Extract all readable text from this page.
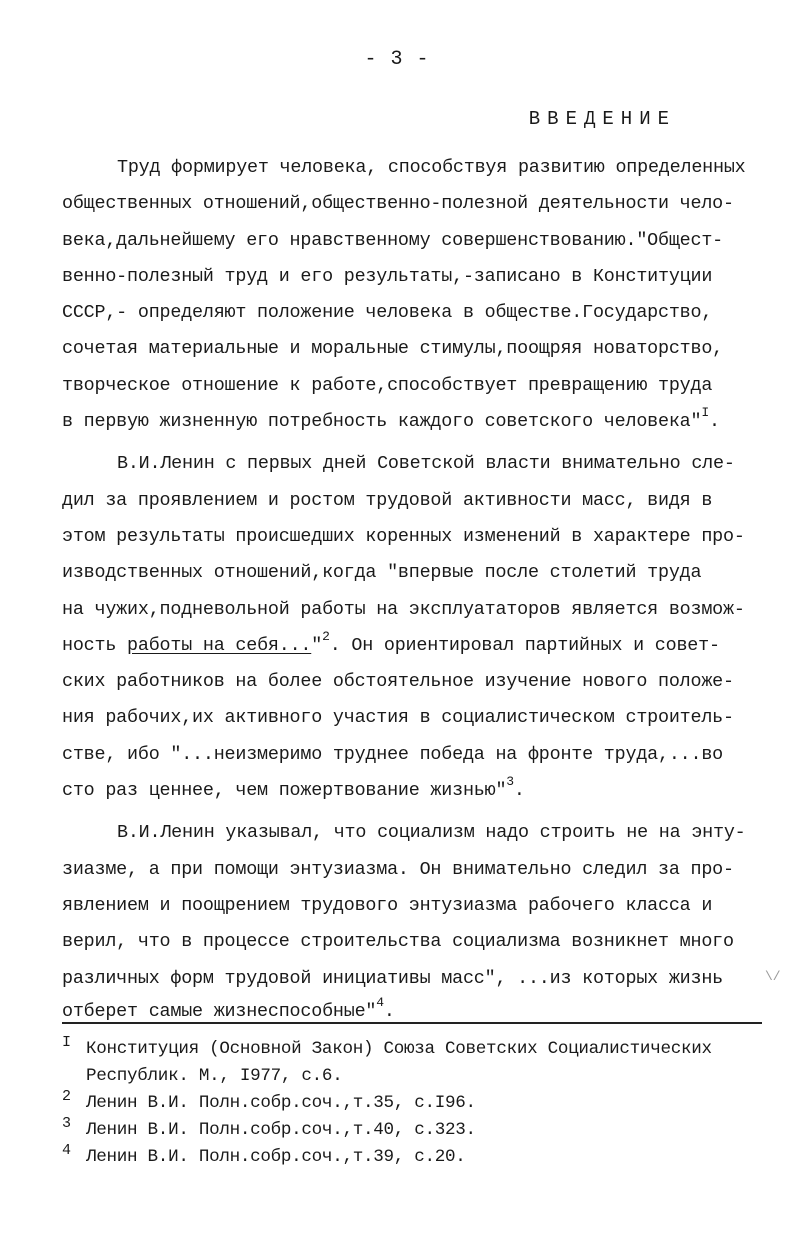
- 3 -
ВВЕДЕНИЕ
Труд формирует человека, способствуя развитию определенных
общественных отношений,общественно-полезной деятельности чело-
века,дальнейшему его нравственному совершенствованию."Общест-
венно-полезный труд и его результаты,-записано в Конституции
СССР,- определяют положение человека в обществе.Государство,
сочетая материальные и моральные стимулы,поощряя новаторство,
творческое отношение к работе,способствует превращению труда
в первую жизненную потребность каждого советского человека"$^I$.
В.И.Ленин с первых дней Советской власти внимательно сле-
дил за проявлением и ростом трудовой активности масс, видя в
этом результаты происшедших коренных изменений в характере про-
изводственных отношений,когда "впервые после столетий труда
на чужих,подневольной работы на эксплуататоров является возмож-
ность работы на себя..."$^2$. Он ориентировал партийных и совет-
ских работников на более обстоятельное изучение нового положе-
ния рабочих,их активного участия в социалистическом строитель-
стве, ибо "...неизмеримо труднее победа на фронте труда,...во
сто раз ценнее, чем пожертвование жизнью"$^3$.
В.И.Ленин указывал, что социализм надо строить не на энту-
зиазме, а при помощи энтузиазма. Он внимательно следил за про-
явлением и поощрением трудового энтузиазма рабочего класса и
верил, что в процессе строительства социализма возникнет много
различных форм трудовой инициативы масс", ...из которых жизнь
отберет самые жизнеспособные"$^4$.
\/
I Конституция (Основной Закон) Союза Советских Социалистических
Республик. М., I977, с.6.
2 Ленин В.И. Полн.собр.соч.,т.35, с.I96.
3 Ленин В.И. Полн.собр.соч.,т.40, с.323.
4 Ленин В.И. Полн.собр.соч.,т.39, с.20.
